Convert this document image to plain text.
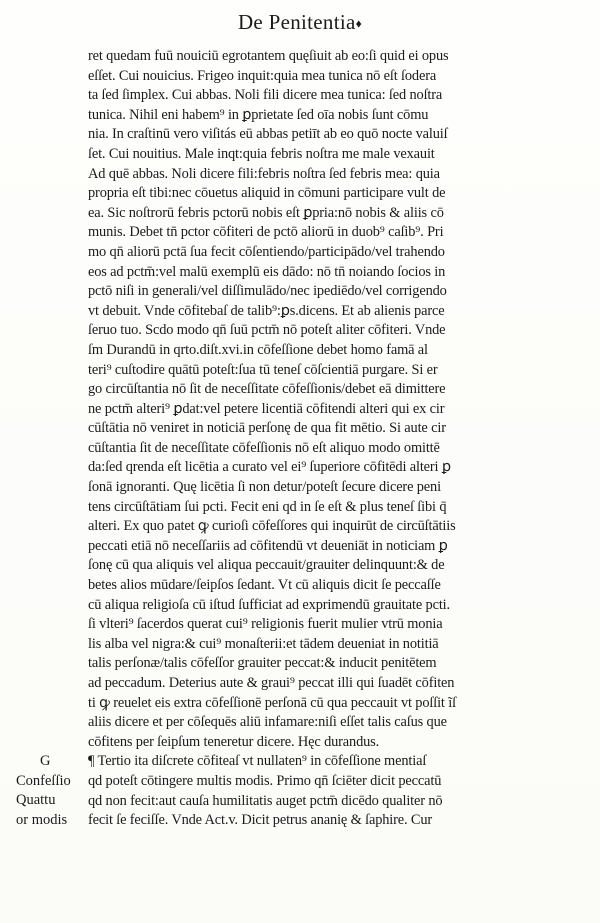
De Penitentia♦
ret quedam fuū nouiciū egrotantem quęſiuit ab eo:ſi quid ei opus
eſſet. Cui nouicius. Frigeo inquit:quia mea tunica nō eſt ſodera
ta ſed ſimplex. Cui abbas. Noli fili dicere mea tunica: ſed noſtra
tunica. Nihil eni habem⁹ in ꝑprietate ſed oīa nobis ſunt cōmu
nia. In craſtinū vero viſitás eū abbas petiīt ab eo quō nocte valuiſ
ſet. Cui nouitius. Male inqt:quia febris noſtra me male vexauit
Ad quē abbas. Noli dicere fili:febris noſtra ſed febris mea: quia
propria eſt tibi:nec cōuetus aliquid in cōmuni participare vult de
ea. Sic noſtrorū febris pctorū nobis eſt ꝑpria:nō nobis & aliis cō
munis. Debet tn̄ pctor cōfiteri de pctō aliorū in duob⁹ caſib⁹. Pri
mo qn̄ aliorū pctā ſua fecit cōſentiendo/participādo/vel trahendo
eos ad pctm̄:vel malū exemplū eis dādo: nō tn̄ noiando ſocios in
pctō niſi in generali/vel diſſimulādo/nec ipediēdo/vel corrigendo
vt debuit. Vnde cōfitebaſ de talib⁹:ꝑs.dicens. Et ab alienis parce
ſeruo tuo. Scdo modo qn̄ ſuū pctm̄ nō poteſt aliter cōfiteri. Vnde
ſm Durandū in qrto.diſt.xvi.in cōfeſſione debet homo famā al
teri⁹ cuſtodire quātū poteſt:ſua tū teneſ cōſcientiā purgare. Si er
go circūſtantia nō ſit de neceſſitate cōfeſſionis/debet eā dimittere
ne pctm̄ alteri⁹ ꝑdat:vel petere licentiā cōfitendi alteri qui ex cir
cūſtātia nō veniret in noticiā perſonę de qua fit mētio. Si aute cir
cūſtantia ſit de neceſſitate cōfeſſionis nō eſt aliquo modo omittē
da:ſed qrenda eſt licētia a curato vel ei⁹ ſuperiore cōfitēdi alteri ꝑ
ſonā ignoranti. Quę licētia ſi non detur/poteſt ſecure dicere peni
tens circūſtātiam ſui pcti. Fecit eni qd in ſe eſt & plus teneſ ſibi q̄
alteri. Ex quo patet ꝙ curioſi cōfeſſores qui inquirūt de circūſtātiis
peccati etiā nō neceſſariis ad cōfitendū vt deueniāt in noticiam ꝑ
ſonę cū qua aliquis vel aliqua peccauit/grauiter delinquunt:& de
betes alios mūdare/ſeipſos ſedant. Vt cū aliquis dicit ſe peccaſſe
cū aliqua religioſa cū iſtud ſufficiat ad exprimendū grauitate pcti.
ſi vlteri⁹ ſacerdos querat cui⁹ religionis fuerit mulier vtrū monia
lis alba vel nigra:& cui⁹ monaſterii:et tādem deueniat in notitiā
talis perſonæ/talis cōfeſſor grauiter peccat:& inducit penitētem
ad peccadum. Deterius aute & graui⁹ peccat illi qui ſuadēt cōfiten
ti ꝙ reuelet eis extra cōfeſſionē perſonā cū qua peccauit vt poſſit ĩſ
aliis dicere et per cōſequēs aliū infamare:niſi eſſet talis caſus que
cōfitens per ſeipſum teneretur dicere. Hęc durandus.
¶ Tertio ita diſcrete cōfiteaſ vt nullaten⁹ in cōfeſſione mentiaſ
qd poteſt cōtingere multis modis. Primo qn̄ ſciēter dicit peccatū
qd non fecit:aut cauſa humilitatis auget pctm̄ dicēdo qualiter nō
fecit ſe feciſſe. Vnde Act.v. Dicit petrus ananię & ſaphire. Cur
G
Confeſſio
Quattu
or modis
